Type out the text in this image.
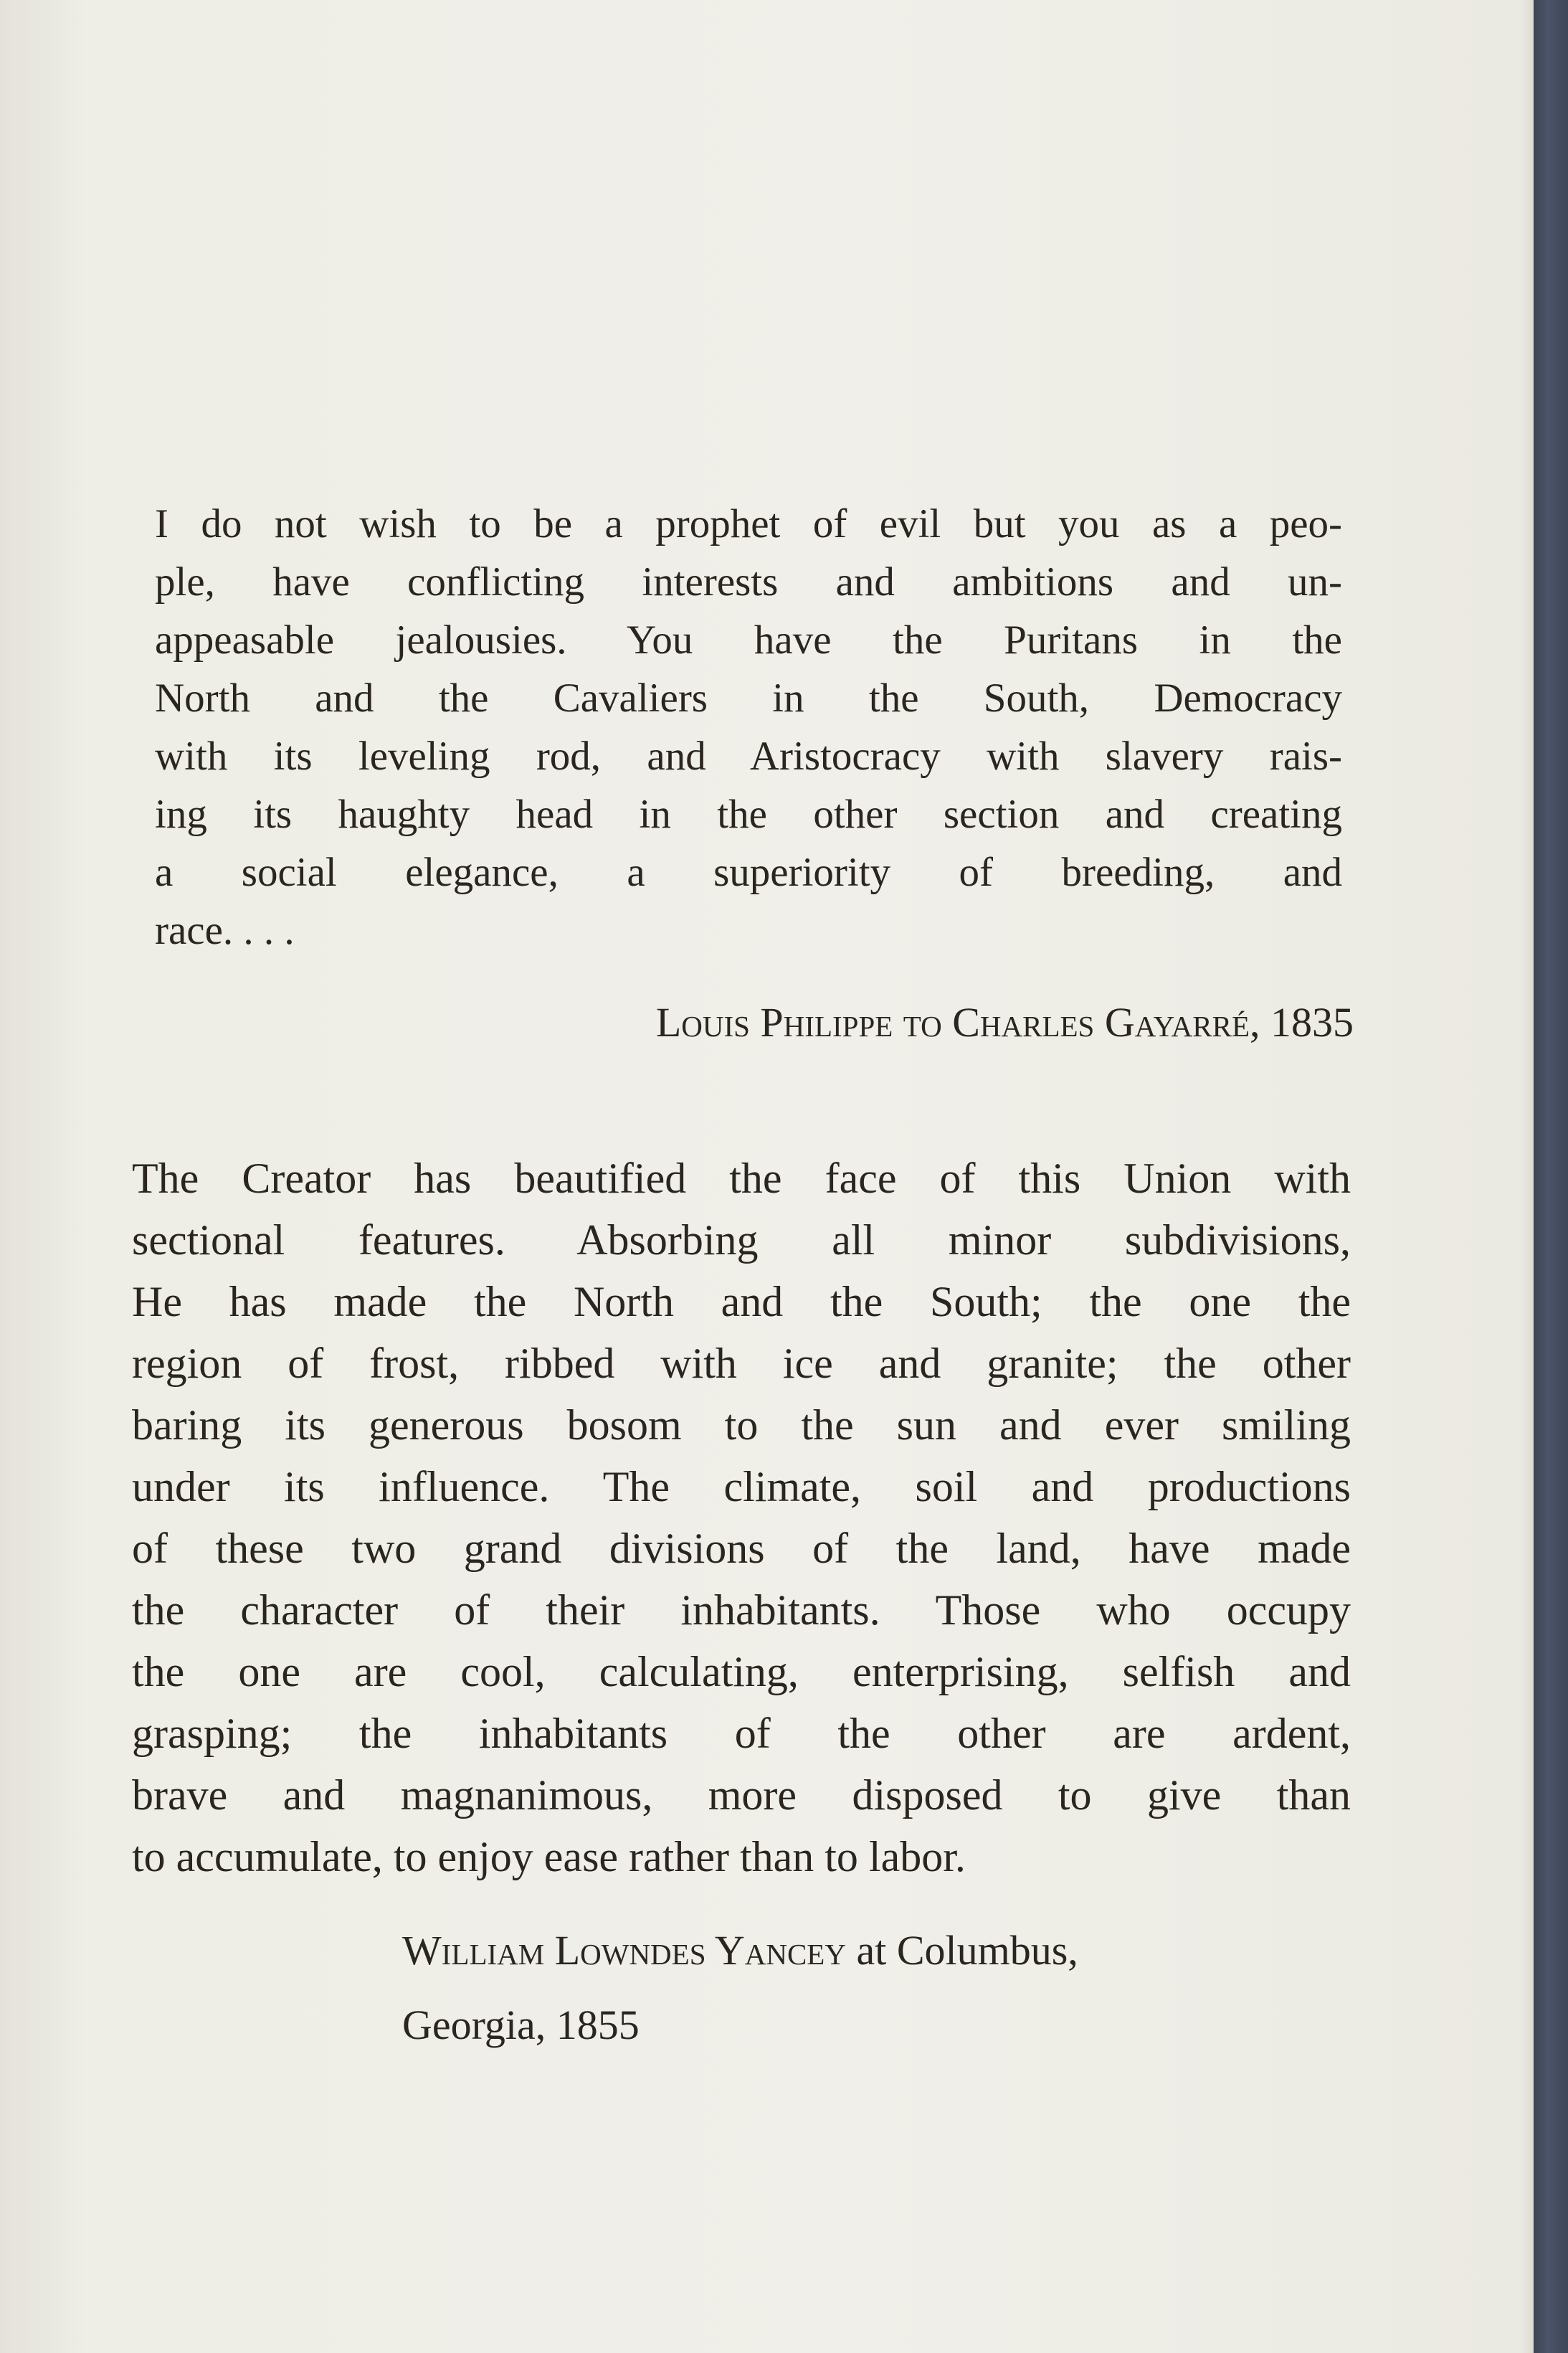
I do not wish to be a prophet of evil but you as a peo-
ple, have conflicting interests and ambitions and un-
appeasable jealousies. You have the Puritans in the
North and the Cavaliers in the South, Democracy
with its leveling rod, and Aristocracy with slavery rais-
ing its haughty head in the other section and creating
a social elegance, a superiority of breeding, and
race. . . .
Louis Philippe to Charles Gayarré, 1835
The Creator has beautified the face of this Union with
sectional features. Absorbing all minor subdivisions,
He has made the North and the South; the one the
region of frost, ribbed with ice and granite; the other
baring its generous bosom to the sun and ever smiling
under its influence. The climate, soil and productions
of these two grand divisions of the land, have made
the character of their inhabitants. Those who occupy
the one are cool, calculating, enterprising, selfish and
grasping; the inhabitants of the other are ardent,
brave and magnanimous, more disposed to give than
to accumulate, to enjoy ease rather than to labor.
William Lowndes Yancey at Columbus,
Georgia, 1855
